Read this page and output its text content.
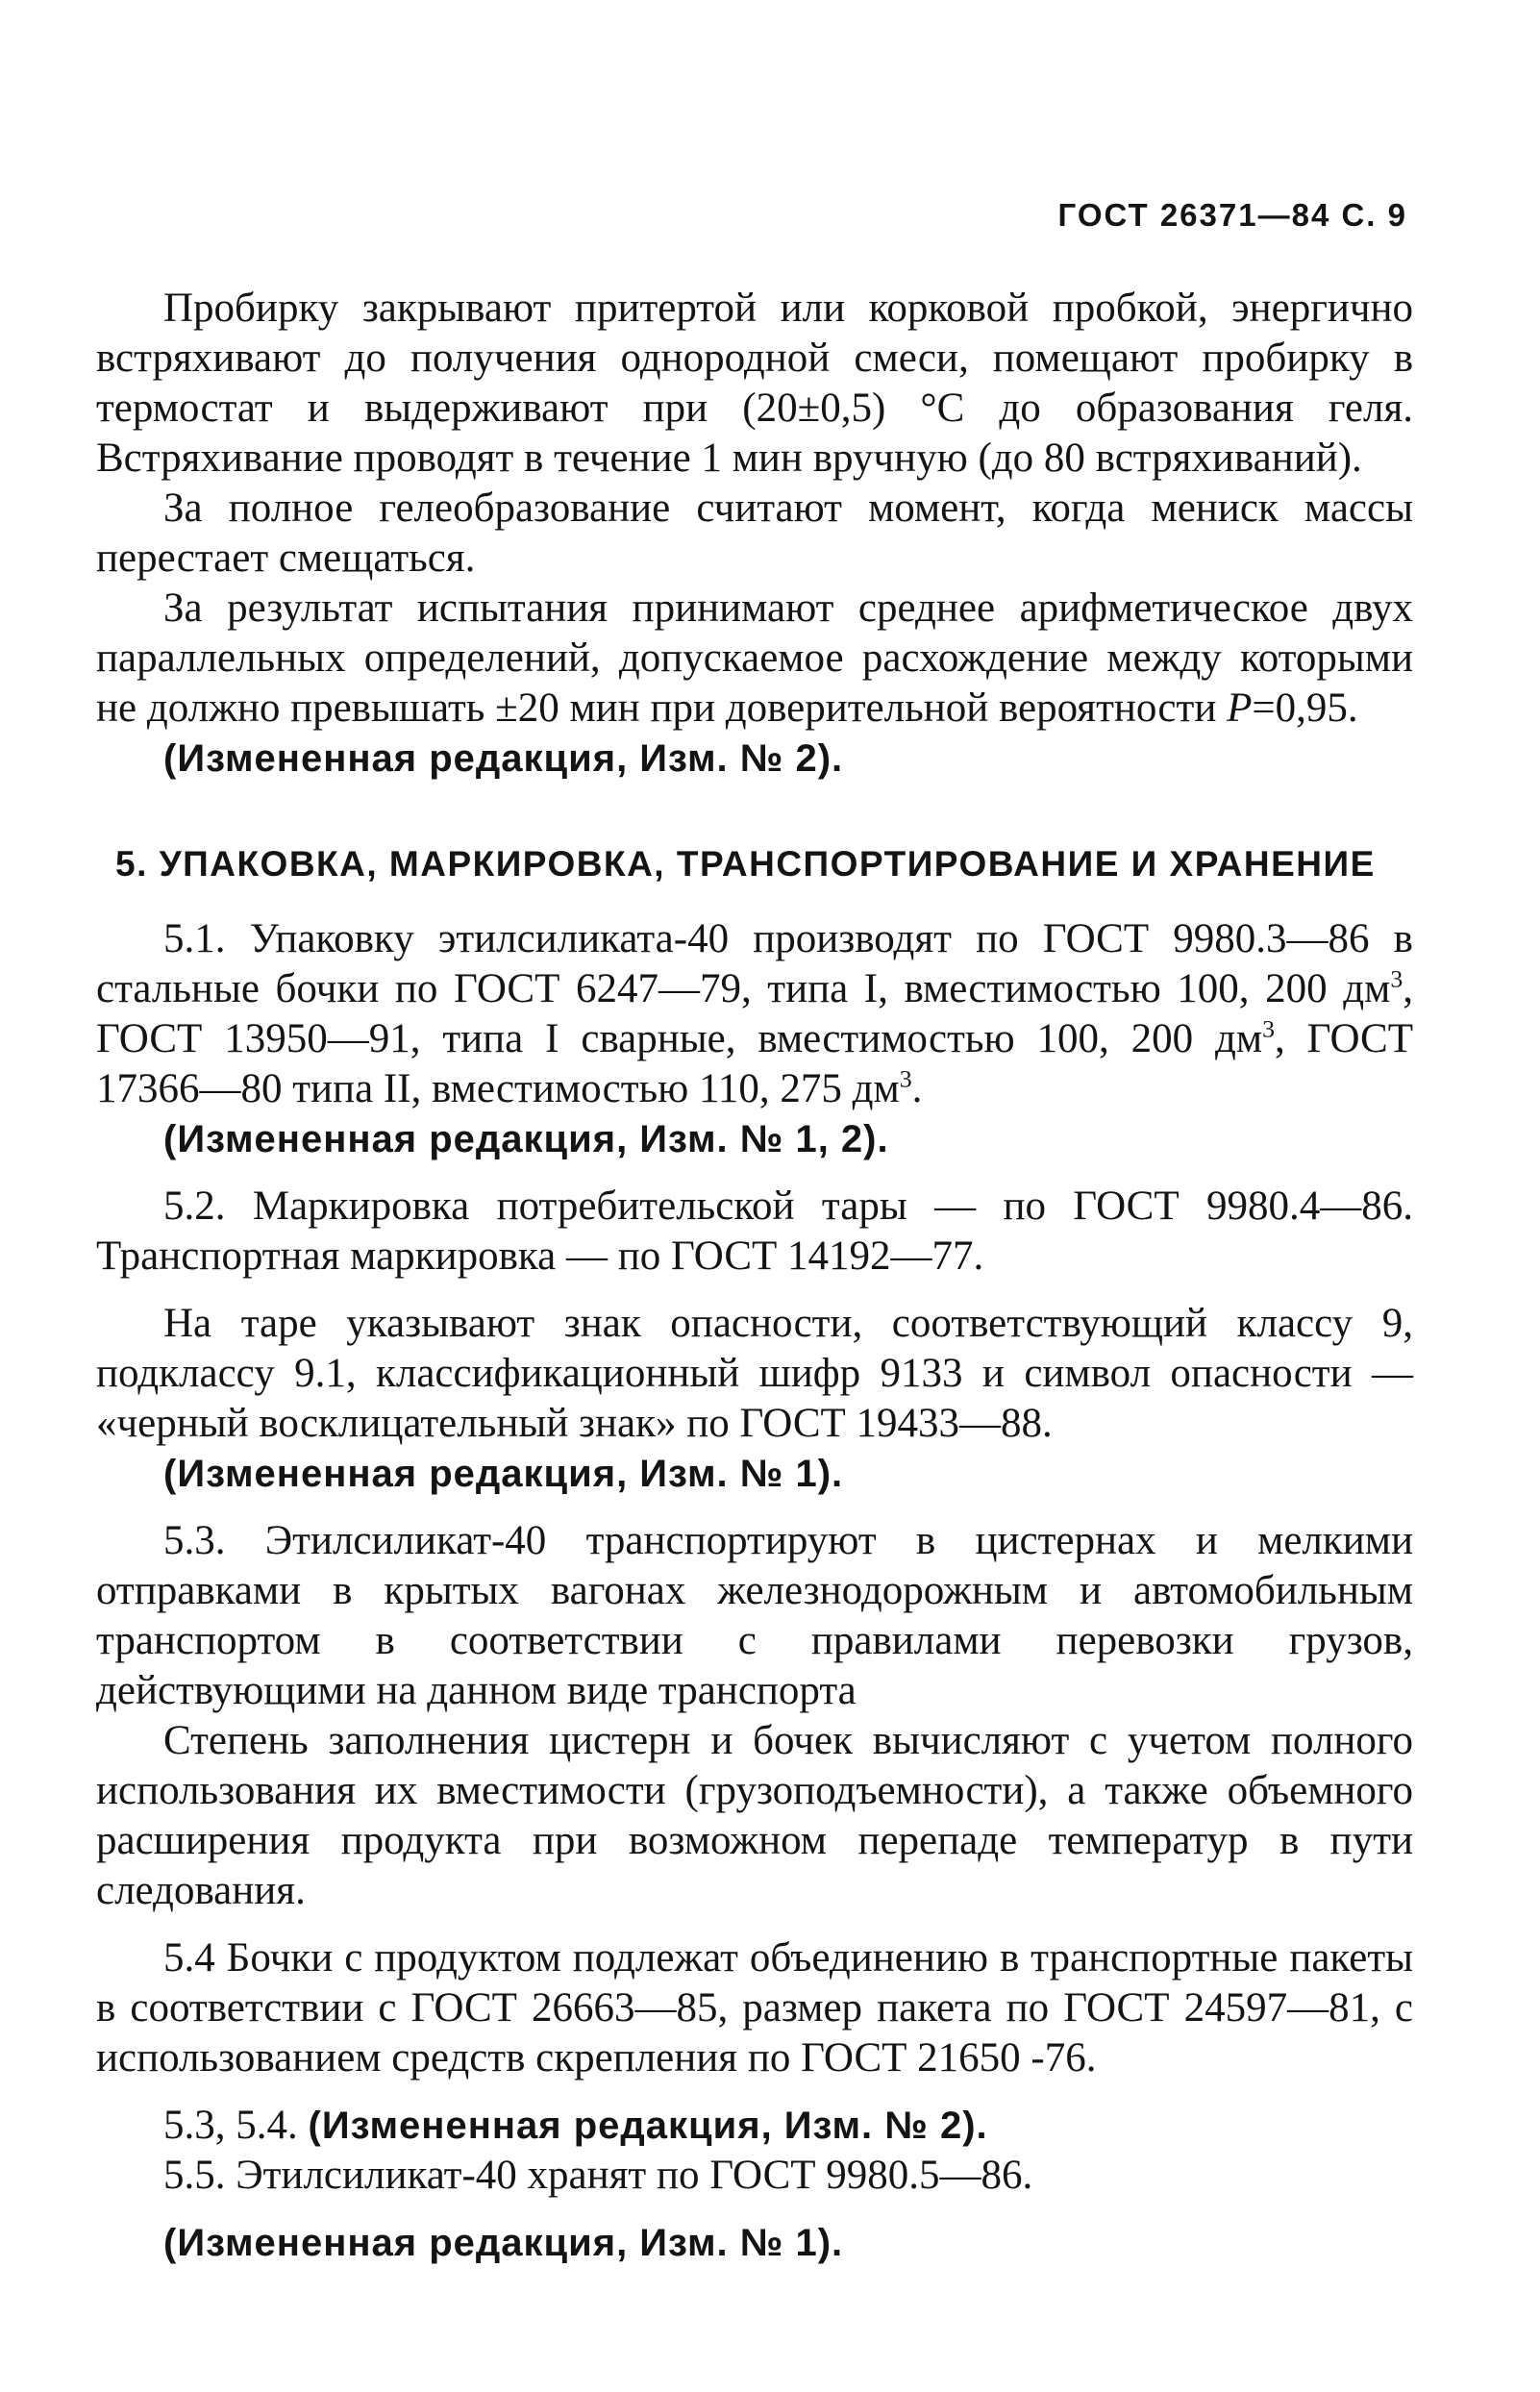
ГОСТ 26371—84 С. 9

Пробирку закрывают притертой или корковой пробкой, энергично встряхивают до получения однородной смеси, помещают пробирку в термостат и выдерживают при (20±0,5) °С до образования геля. Встряхивание проводят в течение 1 мин вручную (до 80 встряхиваний).

За полное гелеобразование считают момент, когда мениск массы перестает смещаться.

За результат испытания принимают среднее арифметическое двух параллельных определений, допускаемое расхождение между которыми не должно превышать ±20 мин при доверительной вероятности Р=0,95.

(Измененная редакция, Изм. № 2).

5. УПАКОВКА, МАРКИРОВКА, ТРАНСПОРТИРОВАНИЕ И ХРАНЕНИЕ

5.1. Упаковку этилсиликата-40 производят по ГОСТ 9980.3—86 в стальные бочки по ГОСТ 6247—79, типа I, вместимостью 100, 200 $дм^3$, ГОСТ 13950—91, типа I сварные, вместимостью 100, 200 $дм^3$, ГОСТ 17366—80 типа II, вместимостью 110, 275 $дм^3$.

(Измененная редакция, Изм. № 1, 2).

5.2. Маркировка потребительской тары — по ГОСТ 9980.4—86. Транспортная маркировка — по ГОСТ 14192—77.

На таре указывают знак опасности, соответствующий классу 9, подклассу 9.1, классификационный шифр 9133 и символ опасности — «черный восклицательный знак» по ГОСТ 19433—88.

(Измененная редакция, Изм. № 1).

5.3. Этилсиликат-40 транспортируют в цистернах и мелкими отправками в крытых вагонах железнодорожным и автомобильным транспортом в соответствии с правилами перевозки грузов, действующими на данном виде транспорта

Степень заполнения цистерн и бочек вычисляют с учетом полного использования их вместимости (грузоподъемности), а также объемного расширения продукта при возможном перепаде температур в пути следования.

5.4 Бочки с продуктом подлежат объединению в транспортные пакеты в соответствии с ГОСТ 26663—85, размер пакета по ГОСТ 24597—81, с использованием средств скрепления по ГОСТ 21650 -76.

5.3, 5.4. (Измененная редакция, Изм. № 2).

5.5. Этилсиликат-40 хранят по ГОСТ 9980.5—86.

(Измененная редакция, Изм. № 1).
